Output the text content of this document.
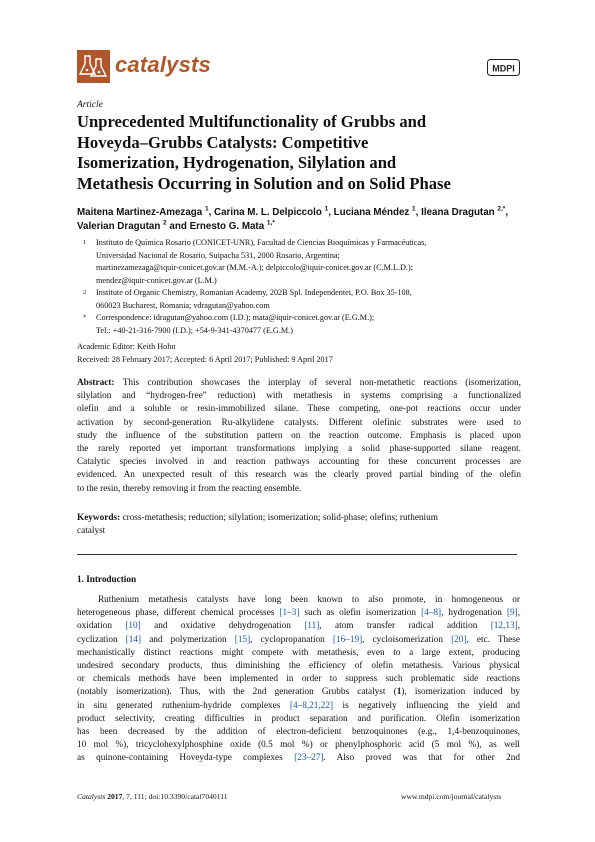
catalysts	MDPI
Article
Unprecedented Multifunctionality of Grubbs and
Hoveyda–Grubbs Catalysts: Competitive
Isomerization, Hydrogenation, Silylation and
Metathesis Occurring in Solution and on Solid Phase
Maitena Martinez-Amezaga $^1$, Carina M. L. Delpiccolo $^1$, Luciana Méndez $^1$, Ileana Dragutan $^{2,*}$,
Valerian Dragutan $^2$ and Ernesto G. Mata $^{1,*}$
1 Instituto de Química Rosario (CONICET-UNR), Facultad de Ciencias Bioquímicas y Farmacéuticas,
Universidad Nacional de Rosario, Suipacha 531, 2000 Rosario, Argentina;
martinezamezaga@iquir-conicet.gov.ar (M.M.-A.); delpiccolo@iquir-conicet.gov.ar (C.M.L.D.);
mendez@iquir-conicet.gov.ar (L.M.)
2 Institute of Organic Chemistry, Romanian Academy, 202B Spl. Independentei, P.O. Box 35-108,
060023 Bucharest, Romania; vdragutan@yahoo.com
* Correspondence: idragutan@yahoo.com (I.D.); mata@iquir-conicet.gov.ar (E.G.M.);
Tel.: +40-21-316-7900 (I.D.); +54-9-341-4370477 (E.G.M.)
Academic Editor: Keith Hohn
Received: 28 February 2017; Accepted: 6 April 2017; Published: 9 April 2017
Abstract: This contribution showcases the interplay of several non-metathetic reactions (isomerization,
silylation and “hydrogen-free” reduction) with metathesis in systems comprising a functionalized
olefin and a soluble or resin-immobilized silane. These competing, one-pot reactions occur under
activation by second-generation Ru-alkylidene catalysts. Different olefinic substrates were used to
study the influence of the substitution pattern on the reaction outcome. Emphasis is placed upon
the rarely reported yet important transformations implying a solid phase-supported silane reagent.
Catalytic species involved in and reaction pathways accounting for these concurrent processes are
evidenced. An unexpected result of this research was the clearly proved partial binding of the olefin
to the resin, thereby removing it from the reacting ensemble.
Keywords: cross-metathesis; reduction; silylation; isomerization; solid-phase; olefins; ruthenium
catalyst
1. Introduction
Ruthenium metathesis catalysts have long been known to also promote, in homogeneous or
heterogeneous phase, different chemical processes [1–3] such as olefin isomerization [4–8], hydrogenation [9],
oxidation [10] and oxidative dehydrogenation [11], atom transfer radical addition [12,13],
cyclization [14] and polymerization [15], cyclopropanation [16–19], cycloisomerization [20], etc. These
mechanistically distinct reactions might compete with metathesis, even to a large extent, producing
undesired secondary products, thus diminishing the efficiency of olefin metathesis. Various physical
or chemicals methods have been implemented in order to suppress such problematic side reactions
(notably isomerization). Thus, with the 2nd generation Grubbs catalyst (1), isomerization induced by
in situ generated ruthenium-hydride complexes [4–8,21,22] is negatively influencing the yield and
product selectivity, creating difficulties in product separation and purification. Olefin isomerization
has been decreased by the addition of electron-deficient benzoquinones (e.g., 1,4-benzoquinones,
10 mol %), tricyclohexylphosphine oxide (0.5 mol %) or phenylphosphoric acid (5 mol %), as well
as quinone-containing Hoveyda-type complexes [23–27]. Also proved was that for other 2nd
Catalysts 2017, 7, 111; doi:10.3390/catal7040111	www.mdpi.com/journal/catalysts
